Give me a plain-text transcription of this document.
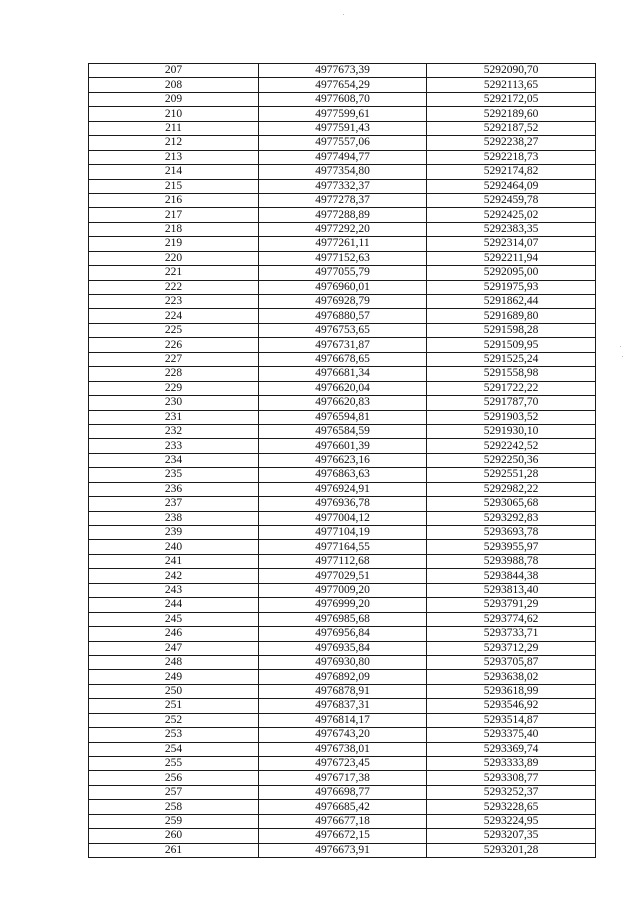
207	4977673,39	5292090,70
208	4977654,29	5292113,65
209	4977608,70	5292172,05
210	4977599,61	5292189,60
211	4977591,43	5292187,52
212	4977557,06	5292238,27
213	4977494,77	5292218,73
214	4977354,80	5292174,82
215	4977332,37	5292464,09
216	4977278,37	5292459,78
217	4977288,89	5292425,02
218	4977292,20	5292383,35
219	4977261,11	5292314,07
220	4977152,63	5292211,94
221	4977055,79	5292095,00
222	4976960,01	5291975,93
223	4976928,79	5291862,44
224	4976880,57	5291689,80
225	4976753,65	5291598,28
226	4976731,87	5291509,95
227	4976678,65	5291525,24
228	4976681,34	5291558,98
229	4976620,04	5291722,22
230	4976620,83	5291787,70
231	4976594,81	5291903,52
232	4976584,59	5291930,10
233	4976601,39	5292242,52
234	4976623,16	5292250,36
235	4976863,63	5292551,28
236	4976924,91	5292982,22
237	4976936,78	5293065,68
238	4977004,12	5293292,83
239	4977104,19	5293693,78
240	4977164,55	5293955,97
241	4977112,68	5293988,78
242	4977029,51	5293844,38
243	4977009,20	5293813,40
244	4976999,20	5293791,29
245	4976985,68	5293774,62
246	4976956,84	5293733,71
247	4976935,84	5293712,29
248	4976930,80	5293705,87
249	4976892,09	5293638,02
250	4976878,91	5293618,99
251	4976837,31	5293546,92
252	4976814,17	5293514,87
253	4976743,20	5293375,40
254	4976738,01	5293369,74
255	4976723,45	5293333,89
256	4976717,38	5293308,77
257	4976698,77	5293252,37
258	4976685,42	5293228,65
259	4976677,18	5293224,95
260	4976672,15	5293207,35
261	4976673,91	5293201,28
